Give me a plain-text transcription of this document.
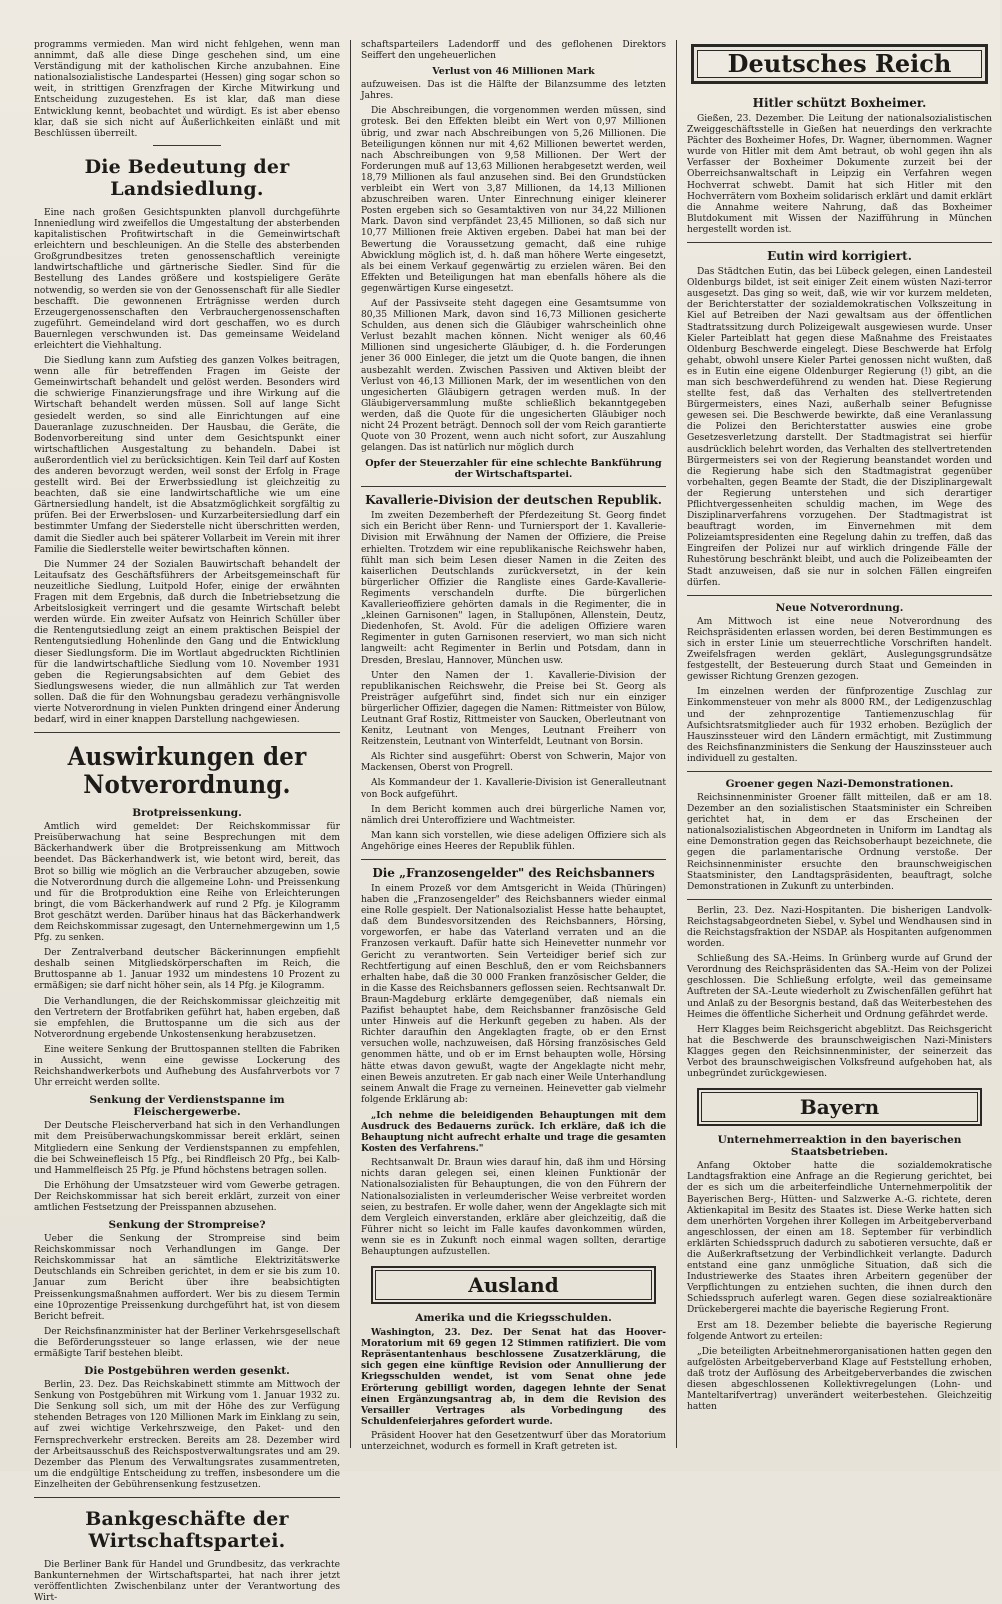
programms vermieden. Man wird nicht fehlgehen, wenn man annimmt, daß alle diese Dinge geschehen sind, um eine Verständigung mit der katholischen Kirche anzubahnen. Eine nationalsozialistische Landespartei (Hessen) ging sogar schon so weit, in strittigen Grenzfragen der Kirche Mitwirkung und Entscheidung zuzugestehen. Es ist klar, daß man diese Entwicklung kennt, beobachtet und würdigt. Es ist aber ebenso klar, daß sie sich nicht auf Äußerlichkeiten einläßt und mit Beschlüssen überreilt.

Die Bedeutung der Landsiedlung.

Eine nach großen Gesichtspunkten planvoll durchgeführte Inneniedlung wird zweifellos die Umgestaltung der absterbenden kapitalistischen Profitwirtschaft in die Gemeinwirtschaft erleichtern und beschleunigen. An die Stelle des absterbenden Großgrundbesitzes treten genossenschaftlich vereinigte landwirtschaftliche und gärtnerische Siedler. Sind für die Bestellung des Landes größere und kostspieligere Geräte notwendig, so werden sie von der Genossenschaft für alle Siedler beschafft. Die gewonnenen Erträgnisse werden durch Erzeugergenossenschaften den Verbrauchergenossenschaften zugeführt. Gemeindeland wird dort geschaffen, wo es durch Bauernlegen verschwunden ist. Das gemeinsame Weideland erleichtert die Viehhaltung.

Die Siedlung kann zum Aufstieg des ganzen Volkes beitragen, wenn alle für betreffenden Fragen im Geiste der Gemeinwirtschaft behandelt und gelöst werden. Besonders wird die schwierige Finanzierungsfrage und ihre Wirkung auf die Wirtschaft behandelt werden müssen. Soll auf lange Sicht gesiedelt werden, so sind alle Einrichtungen auf eine Daueranlage zuzuschneiden. Der Hausbau, die Geräte, die Bodenvorbereitung sind unter dem Gesichtspunkt einer wirtschaftlichen Ausgestaltung zu behandeln. Dabei ist außerordentlich viel zu berücksichtigen. Kein Teil darf auf Kosten des anderen bevorzugt werden, weil sonst der Erfolg in Frage gestellt wird. Bei der Erwerbssiedlung ist gleichzeitig zu beachten, daß sie eine landwirtschaftliche wie um eine Gärtnersiedlung handelt, ist die Absatzmöglichkeit sorgfältig zu prüfen. Bei der Erwerbslosen- und Kurzarbeitersiedlung darf ein bestimmter Umfang der Siederstelle nicht überschritten werden, damit die Siedler auch bei späterer Vollarbeit im Verein mit ihrer Familie die Siedlerstelle weiter bewirtschaften können.

Die Nummer 24 der Sozialen Bauwirtschaft behandelt der Leitaufsatz des Geschäftsführers der Arbeitsgemeinschaft für neuzeitliche Siedlung, Luitpold Hofer, einige der erwähnten Fragen mit dem Ergebnis, daß durch die Inbetriebsetzung die Arbeitslosigkeit verringert und die gesamte Wirtschaft belebt werden würde. Ein zweiter Aufsatz von Heinrich Schüller über die Rentengutsiedlung zeigt an einem praktischen Beispiel der Rentengutsiedlung Hohenlinde den Gang und die Entwicklung dieser Siedlungsform. Die im Wortlaut abgedruckten Richtlinien für die landwirtschaftliche Siedlung vom 10. November 1931 geben die Regierungsabsichten auf dem Gebiet des Siedlungswesens wieder, die nun allmählich zur Tat werden sollen. Daß die für den Wohnungsbau geradezu verhängnisvolle vierte Notverordnung in vielen Punkten dringend einer Änderung bedarf, wird in einer knappen Darstellung nachgewiesen.

Auswirkungen der Notverordnung.
Brotpreissenkung.

Amtlich wird gemeldet: Der Reichskommissar für Preisüberwachung hat seine Besprechungen mit dem Bäckerhandwerk über die Brotpreissenkung am Mittwoch beendet. Das Bäckerhandwerk ist, wie betont wird, bereit, das Brot so billig wie möglich an die Verbraucher abzugeben, sowie die Notverordnung durch die allgemeine Lohn- und Preissenkung und für die Brotproduktion eine Reihe von Erleichterungen bringt, die vom Bäckerhandwerk auf rund 2 Pfg. je Kilogramm Brot geschätzt werden. Darüber hinaus hat das Bäckerhandwerk dem Reichskommissar zugesagt, den Unternehmergewinn um 1,5 Pfg. zu senken.

Der Zentralverband deutscher Bäckerinnungen empfiehlt deshalb seinen Mitgliedskörperschaften im Reich, die Bruttospanne ab 1. Januar 1932 um mindestens 10 Prozent zu ermäßigen; sie darf nicht höher sein, als 14 Pfg. je Kilogramm.

Die Verhandlungen, die der Reichskommissar gleichzeitig mit den Vertretern der Brotfabriken geführt hat, haben ergeben, daß sie empfehlen, die Bruttospanne um die sich aus der Notverordnung ergebende Unkostensenkung herabzusetzen.

Eine weitere Senkung der Bruttospannen stellten die Fabriken in Aussicht, wenn eine gewisse Lockerung des Reichshandwerkerbots und Aufhebung des Ausfahrverbots vor 7 Uhr erreicht werden sollte.

Senkung der Verdienstspanne im Fleischergewerbe.

Der Deutsche Fleischerverband hat sich in den Verhandlungen mit dem Preisüberwachungskommissar bereit erklärt, seinen Mitgliedern eine Senkung der Verdienstspannen zu empfehlen, die bei Schweinefleisch 15 Pfg., bei Rindfleisch 20 Pfg., bei Kalb- und Hammelfleisch 25 Pfg. je Pfund höchstens betragen sollen.

Die Erhöhung der Umsatzsteuer wird vom Gewerbe getragen. Der Reichskommissar hat sich bereit erklärt, zurzeit von einer amtlichen Festsetzung der Preisspannen abzusehen.

Senkung der Strompreise?

Ueber die Senkung der Strompreise sind beim Reichskommissar noch Verhandlungen im Gange. Der Reichskommissar hat an sämtliche Elektrizitätswerke Deutschlands ein Schreiben gerichtet, in dem er sie bis zum 10. Januar zum Bericht über ihre beabsichtigten Preissenkungsmaßnahmen auffordert. Wer bis zu diesem Termin eine 10prozentige Preissenkung durchgeführt hat, ist von diesem Bericht befreit.

Der Reichsfinanzminister hat der Berliner Verkehrsgesellschaft die Beförderungssteuer so lange erlassen, wie der neue ermäßigte Tarif bestehen bleibt.

Die Postgebühren werden gesenkt.

Berlin, 23. Dez. Das Reichskabinett stimmte am Mittwoch der Senkung von Postgebühren mit Wirkung vom 1. Januar 1932 zu. Die Senkung soll sich, um mit der Höhe des zur Verfügung stehenden Betrages von 120 Millionen Mark im Einklang zu sein, auf zwei wichtige Verkehrszweige, den Paket- und den Fernsprechverkehr erstrecken. Bereits am 28. Dezember wird der Arbeitsausschuß des Reichspostverwaltungsrates und am 29. Dezember das Plenum des Verwaltungsrates zusammentreten, um die endgültige Entscheidung zu treffen, insbesondere um die Einzelheiten der Gebührensenkung festzusetzen.

Bankgeschäfte der Wirtschaftspartei.

Die Berliner Bank für Handel und Grundbesitz, das verkrachte Bankunternehmen der Wirtschaftspartei, hat nach ihrer jetzt veröffentlichten Zwischenbilanz unter der Verantwortung des Wirt-

schaftsparteilers Ladendorff und des geflohenen Direktors Seiffert den ungeheuerlichen

Verlust von 46 Millionen Mark

aufzuweisen. Das ist die Hälfte der Bilanzsumme des letzten Jahres.

Die Abschreibungen, die vorgenommen werden müssen, sind grotesk. Bei den Effekten bleibt ein Wert von 0,97 Millionen übrig, und zwar nach Abschreibungen von 5,26 Millionen. Die Beteiligungen können nur mit 4,62 Millionen bewertet werden, nach Abschreibungen von 9,58 Millionen. Der Wert der Forderungen muß auf 13,63 Millionen herabgesetzt werden, weil 18,79 Millionen als faul anzusehen sind. Bei den Grundstücken verbleibt ein Wert von 3,87 Millionen, da 14,13 Millionen abzuschreiben waren. Unter Einrechnung einiger kleinerer Posten ergeben sich so Gesamtaktiven von nur 34,22 Millionen Mark. Davon sind verpfändet 23,45 Millionen, so daß sich nur 10,77 Millionen freie Aktiven ergeben. Dabei hat man bei der Bewertung die Voraussetzung gemacht, daß eine ruhige Abwicklung möglich ist, d. h. daß man höhere Werte eingesetzt, als bei einem Verkauf gegenwärtig zu erzielen wären. Bei den Effekten und Beteiligungen hat man ebenfalls höhere als die gegenwärtigen Kurse eingesetzt.

Auf der Passivseite steht dagegen eine Gesamtsumme von 80,35 Millionen Mark, davon sind 16,73 Millionen gesicherte Schulden, aus denen sich die Gläubiger wahrscheinlich ohne Verlust bezahlt machen können. Nicht weniger als 60,46 Millionen sind ungesicherte Gläubiger, d. h. die Forderungen jener 36 000 Einleger, die jetzt um die Quote bangen, die ihnen ausbezahlt werden. Zwischen Passiven und Aktiven bleibt der Verlust von 46,13 Millionen Mark, der im wesentlichen von den ungesicherten Gläubigern getragen werden muß. In der Gläubigerversammlung mußte schließlich bekanntgegeben werden, daß die Quote für die ungesicherten Gläubiger noch nicht 24 Prozent beträgt. Dennoch soll der vom Reich garantierte Quote von 30 Prozent, wenn auch nicht sofort, zur Auszahlung gelangen. Das ist natürlich nur möglich durch

Opfer der Steuerzahler für eine schlechte Bankführung der Wirtschaftspartei.
Kavallerie-Division der deutschen Republik.

Im zweiten Dezemberheft der Pferdezeitung St. Georg findet sich ein Bericht über Renn- und Turniersport der 1. Kavallerie-Division mit Erwähnung der Namen der Offiziere, die Preise erhielten. Trotzdem wir eine republikanische Reichswehr haben, fühlt man sich beim Lesen dieser Namen in die Zeiten des kaiserlichen Deutschlands zurückversetzt, in der kein bürgerlicher Offizier die Rangliste eines Garde-Kavallerie-Regiments verschandeln durfte. Die bürgerlichen Kavallerieoffiziere gehörten damals in die Regimenter, die in „kleinen Garnisonen" lagen, in Stallupönen, Allenstein, Deutz, Diedenhofen, St. Avold. Für die adeligen Offiziere waren Regimenter in guten Garnisonen reserviert, wo man sich nicht langweilt: acht Regimenter in Berlin und Potsdam, dann in Dresden, Breslau, Hannover, München usw.

Unter den Namen der 1. Kavallerie-Division der republikanischen Reichswehr, die Preise bei St. Georg als Preisträger aufgeführt sind, findet sich nur ein einziger bürgerlicher Offizier, dagegen die Namen: Rittmeister von Bülow, Leutnant Graf Rostiz, Rittmeister von Saucken, Oberleutnant von Kenitz, Leutnant von Menges, Leutnant Freiherr von Reitzenstein, Leutnant von Winterfeldt, Leutnant von Borsin.

Als Richter sind ausgeführt: Oberst von Schwerin, Major von Mackensen, Oberst von Progrell.

Als Kommandeur der 1. Kavallerie-Division ist Generalleutnant von Bock aufgeführt.

In dem Bericht kommen auch drei bürgerliche Namen vor, nämlich drei Unteroffiziere und Wachtmeister.

Man kann sich vorstellen, wie diese adeligen Offiziere sich als Angehörige eines Heeres der Republik fühlen.

Die „Franzosengelder" des Reichsbanners

In einem Prozeß vor dem Amtsgericht in Weida (Thüringen) haben die „Franzosengelder" des Reichsbanners wieder einmal eine Rolle gespielt. Der Nationalsozialist Hesse hatte behauptet, daß dem Bundesvorsitzenden des Reichsbanners, Hörsing, vorgeworfen, er habe das Vaterland verraten und an die Franzosen verkauft. Dafür hatte sich Heinevetter nunmehr vor Gericht zu verantworten. Sein Verteidiger berief sich zur Rechtfertigung auf einen Beschluß, den er vom Reichsbanners erhalten habe, daß die 30 000 Franken französischer Gelder, die in die Kasse des Reichsbanners geflossen seien. Rechtsanwalt Dr. Braun-Magdeburg erklärte demgegenüber, daß niemals ein Pazifist behauptet habe, dem Reichsbanner französische Geld unter Hinweis auf die Herkunft gegeben zu haben. Als der Richter daraufhin den Angeklagten fragte, ob er den Ernst versuchen wolle, nachzuweisen, daß Hörsing französisches Geld genommen hätte, und ob er im Ernst behaupten wolle, Hörsing hätte etwas davon gewußt, wagte der Angeklagte nicht mehr, einen Beweis anzutreten. Er gab nach einer Weile Unterhandlung seinem Anwalt die Frage zu verneinen. Heinevetter gab vielmehr folgende Erklärung ab:

„Ich nehme die beleidigenden Behauptungen mit dem Ausdruck des Bedauerns zurück. Ich erkläre, daß ich die Behauptung nicht aufrecht erhalte und trage die gesamten Kosten des Verfahrens."

Rechtsanwalt Dr. Braun wies darauf hin, daß ihm und Hörsing nichts daran gelegen sei, einen kleinen Funktionär der Nationalsozialisten für Behauptungen, die von den Führern der Nationalsozialisten in verleumderischer Weise verbreitet worden seien, zu bestrafen. Er wolle daher, wenn der Angeklagte sich mit dem Vergleich einverstanden, erkläre aber gleichzeitig, daß die Führer nicht so leicht im Falle kaufes davonkommen würden, wenn sie es in Zukunft noch einmal wagen sollten, derartige Behauptungen aufzustellen.

Ausland
Amerika und die Kriegsschulden.

Washington, 23. Dez. Der Senat hat das Hoover-Moratorium mit 69 gegen 12 Stimmen ratifiziert. Die vom Repräsentantenhaus beschlossene Zusatzerklärung, die sich gegen eine künftige Revision oder Annullierung der Kriegsschulden wendet, ist vom Senat ohne jede Erörterung gebilligt worden, dagegen lehnte der Senat einen Ergänzungsantrag ab, in dem die Revision des Versailler Vertrages als Vorbedingung des Schuldenfeierjahres gefordert wurde.

Präsident Hoover hat den Gesetzentwurf über das Moratorium unterzeichnet, wodurch es formell in Kraft getreten ist.

Deutsches Reich
Hitler schützt Boxheimer.

Gießen, 23. Dezember. Die Leitung der nationalsozialistischen Zweiggeschäftsstelle in Gießen hat neuerdings den verkrachte Pächter des Boxheimer Hofes, Dr. Wagner, übernommen. Wagner wurde von Hitler mit dem Amt betraut, ob wohl gegen ihn als Verfasser der Boxheimer Dokumente zurzeit bei der Oberreichsanwaltschaft in Leipzig ein Verfahren wegen Hochverrat schwebt. Damit hat sich Hitler mit den Hochverrätern vom Boxheim solidarisch erklärt und damit erklärt die Annahme weitere Nahrung, daß das Boxheimer Blutdokument mit Wissen der Nazifführung in München hergestellt worden ist.

Eutin wird korrigiert.

Das Städtchen Eutin, das bei Lübeck gelegen, einen Landesteil Oldenburgs bildet, ist seit einiger Zeit einem wüsten Nazi-terror ausgesetzt. Das ging so weit, daß, wie wir vor kurzem meldeten, der Berichterstatter der sozialdemokratischen Volkszeitung in Kiel auf Betreiben der Nazi gewaltsam aus der öffentlichen Stadtratssitzung durch Polizeigewalt ausgewiesen wurde. Unser Kieler Parteiblatt hat gegen diese Maßnahme des Freistaates Oldenburg Beschwerde eingelegt. Diese Beschwerde hat Erfolg gehabt, obwohl unsere Kieler Partei genossen nicht wußten, daß es in Eutin eine eigene Oldenburger Regierung (!) gibt, an die man sich beschwerdeführend zu wenden hat. Diese Regierung stellte fest, daß das Verhalten des stellvertretenden Bürgermeisters, eines Nazi, außerhalb seiner Befugnisse gewesen sei. Die Beschwerde bewirkte, daß eine Veranlassung die Polizei den Berichterstatter auswies eine grobe Gesetzesverletzung darstellt. Der Stadtmagistrat sei hierfür ausdrücklich belehrt worden, das Verhalten des stellvertretenden Bürgermeisters sei von der Regierung beanstandet worden und die Regierung habe sich den Stadtmagistrat gegenüber vorbehalten, gegen Beamte der Stadt, die der Disziplinargewalt der Regierung unterstehen und sich derartiger Pflichtvergessenheiten schuldig machen, im Wege des Disziplinarverfahrens vorzugehen. Der Stadtmagistrat ist beauftragt worden, im Einvernehmen mit dem Polizeiamtspresidenten eine Regelung dahin zu treffen, daß das Eingreifen der Polizei nur auf wirklich dringende Fälle der Ruhestörung beschränkt bleibt, und auch die Polizeibeamten der Stadt anzuweisen, daß sie nur in solchen Fällen eingreifen dürfen.

Neue Notverordnung.

Am Mittwoch ist eine neue Notverordnung des Reichspräsidenten erlassen worden, bei deren Bestimmungen es sich in erster Linie um steuerrechtliche Vorschriften handelt. Zweifelsfragen werden geklärt, Auslegungsgrundsätze festgestellt, der Besteuerung durch Staat und Gemeinden in gewisser Richtung Grenzen gezogen.

Im einzelnen werden der fünfprozentige Zuschlag zur Einkommensteuer von mehr als 8000 RM., der Ledigenzuschlag und der zehnprozentige Tantiemenzuschlag für Aufsichtsratsmitglieder auch für 1932 erhoben. Bezüglich der Hauszinssteuer wird den Ländern ermächtigt, mit Zustimmung des Reichsfinanzministers die Senkung der Hauszinssteuer auch individuell zu gestalten.

Groener gegen Nazi-Demonstrationen.

Reichsinnenminister Groener fällt mitteilen, daß er am 18. Dezember an den sozialistischen Staatsminister ein Schreiben gerichtet hat, in dem er das Erscheinen der nationalsozialistischen Abgeordneten in Uniform im Landtag als eine Demonstration gegen das Reichsoberhaupt bezeichnete, die gegen die parlamentarische Ordnung verstoße. Der Reichsinnenminister ersuchte den braunschweigischen Staatsminister, den Landtagspräsidenten, beauftragt, solche Demonstrationen in Zukunft zu unterbinden.

Berlin, 23. Dez. Nazi-Hospitanten. Die bisherigen Landvolk-Reichstagsabgeordneten Siebel, v. Sybel und Wendhausen sind in die Reichstagsfraktion der NSDAP. als Hospitanten aufgenommen worden.

Schließung des SA.-Heims. In Grünberg wurde auf Grund der Verordnung des Reichspräsidenten das SA.-Heim von der Polizei geschlossen. Die Schließung erfolgte, weil das gemeinsame Auftreten der SA.-Leute wiederholt zu Zwischenfällen geführt hat und Anlaß zu der Besorgnis bestand, daß das Weiterbestehen des Heimes die öffentliche Sicherheit und Ordnung gefährdet werde.

Herr Klagges beim Reichsgericht abgeblitzt. Das Reichsgericht hat die Beschwerde des braunschweigischen Nazi-Ministers Klagges gegen den Reichsinnenminister, der seinerzeit das Verbot des braunschweigischen Volksfreund aufgehoben hat, als unbegründet zurückgewiesen.

Bayern
Unternehmerreaktion in den bayerischen Staatsbetrieben.

Anfang Oktober hatte die sozialdemokratische Landtagsfraktion eine Anfrage an die Regierung gerichtet, bei der es sich um die arbeiterfeindliche Unternehmerpolitik der Bayerischen Berg-, Hütten- und Salzwerke A.-G. richtete, deren Aktienkapital im Besitz des Staates ist. Diese Werke hatten sich dem unerhörten Vorgehen ihrer Kollegen im Arbeitgeberverband angeschlossen, der einen am 18. September für verbindlich erklärten Schiedsspruch dadurch zu sabotieren versuchte, daß er die Außerkraftsetzung der Verbindlichkeit verlangte. Dadurch entstand eine ganz unmögliche Situation, daß sich die Industriewerke des Staates ihren Arbeitern gegenüber der Verpflichtungen zu entziehen suchten, die ihnen durch den Schiedsspruch auferlegt waren. Gegen diese sozialreaktionäre Drückebergerei machte die bayerische Regierung Front.

Erst am 18. Dezember beliebte die bayerische Regierung folgende Antwort zu erteilen:

„Die beteiligten Arbeitnehmerorganisationen hatten gegen den aufgelösten Arbeitgeberverband Klage auf Feststellung erhoben, daß trotz der Auflösung des Arbeitgeberverbandes die zwischen diesen abgeschlossenen Kollektivregelungen (Lohn- und Manteltarifvertrag) unverändert weiterbestehen. Gleichzeitig hatten
